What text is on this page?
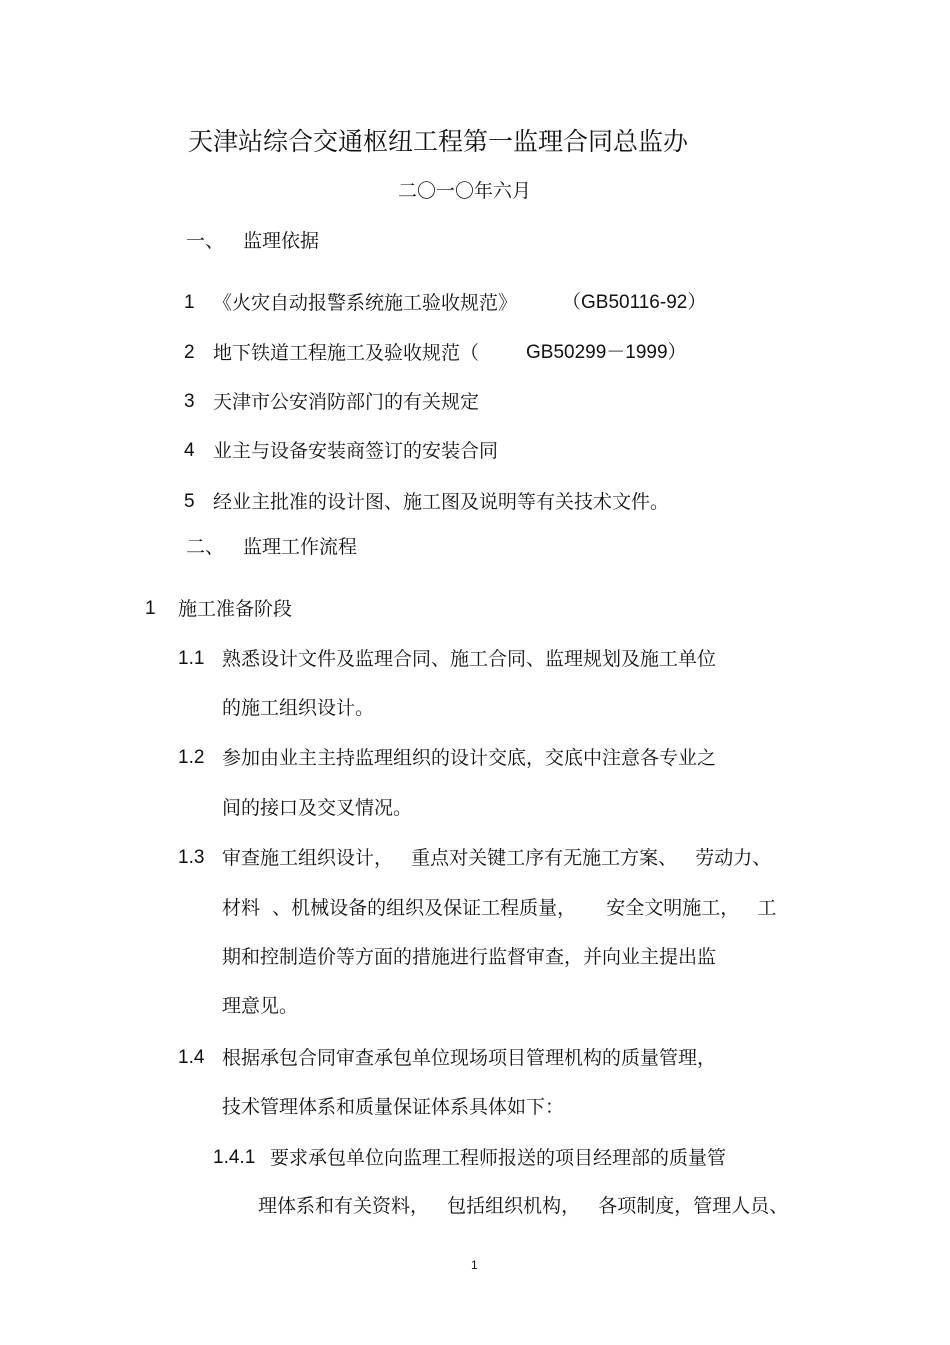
天津站综合交通枢纽工程第一监理合同总监办
二〇一〇年六月
一、 监理依据
1 《火灾自动报警系统施工验收规范》 （GB50116-92）
2 地下铁道工程施工及验收规范（ GB50299－1999）
3 天津市公安消防部门的有关规定
4 业主与设备安装商签订的安装合同
5 经业主批准的设计图、施工图及说明等有关技术文件。
二、 监理工作流程
1 施工准备阶段
1.1 熟悉设计文件及监理合同、施工合同、监理规划及施工单位
的施工组织设计。
1.2 参加由业主主持监理组织的设计交底，交底中注意各专业之
间的接口及交叉情况。
1.3 审查施工组织设计，   重点对关键工序有无施工方案、   劳动力、
材料  、机械设备的组织及保证工程质量，     安全文明施工，   工
期和控制造价等方面的措施进行监督审查，并向业主提出监
理意见。
1.4 根据承包合同审查承包单位现场项目管理机构的质量管理，
技术管理体系和质量保证体系具体如下：
1.4.1 要求承包单位向监理工程师报送的项目经理部的质量管
理体系和有关资料，   包括组织机构，   各项制度，管理人员、
1
